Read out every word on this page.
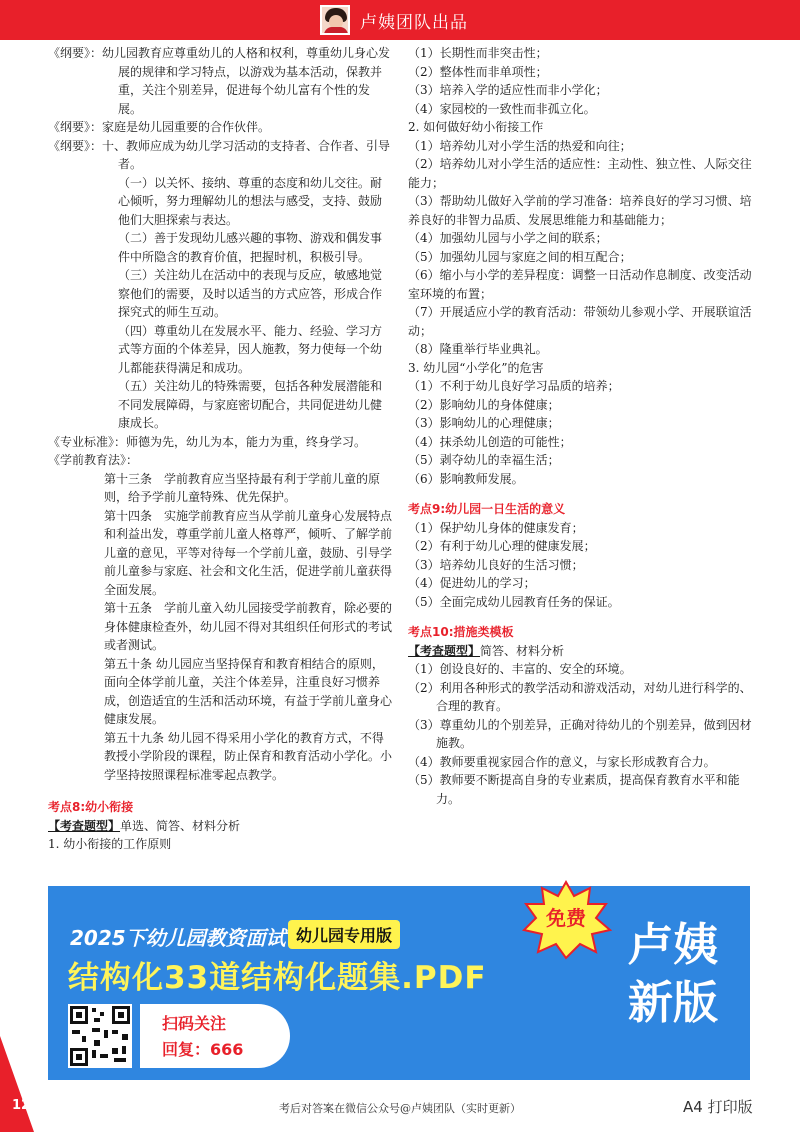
卢姨团队出品

《纲要》：幼儿园教育应尊重幼儿的人格和权利，尊重幼儿身心发展的规律和学习特点，以游戏为基本活动，保教并重，关注个别差异，促进每个幼儿富有个性的发展。

《纲要》：家庭是幼儿园重要的合作伙伴。

《纲要》：十、教师应成为幼儿学习活动的支持者、合作者、引导者。

（一）以关怀、接纳、尊重的态度和幼儿交往。耐心倾听，努力理解幼儿的想法与感受，支持、鼓励他们大胆探索与表达。

（二）善于发现幼儿感兴趣的事物、游戏和偶发事件中所隐含的教育价值，把握时机，积极引导。

（三）关注幼儿在活动中的表现与反应，敏感地觉察他们的需要，及时以适当的方式应答，形成合作探究式的师生互动。

（四）尊重幼儿在发展水平、能力、经验、学习方式等方面的个体差异，因人施教，努力使每一个幼儿都能获得满足和成功。

（五）关注幼儿的特殊需要，包括各种发展潜能和不同发展障碍，与家庭密切配合，共同促进幼儿健康成长。

《专业标准》：师德为先，幼儿为本，能力为重，终身学习。

《学前教育法》：

第十三条　学前教育应当坚持最有利于学前儿童的原则，给予学前儿童特殊、优先保护。

第十四条　实施学前教育应当从学前儿童身心发展特点和利益出发，尊重学前儿童人格尊严，倾听、了解学前儿童的意见，平等对待每一个学前儿童，鼓励、引导学前儿童参与家庭、社会和文化生活，促进学前儿童获得全面发展。

第十五条　学前儿童入幼儿园接受学前教育，除必要的身体健康检查外，幼儿园不得对其组织任何形式的考试或者测试。

第五十条 幼儿园应当坚持保育和教育相结合的原则，面向全体学前儿童，关注个体差异，注重良好习惯养成，创造适宜的生活和活动环境，有益于学前儿童身心健康发展。

第五十九条 幼儿园不得采用小学化的教育方式，不得教授小学阶段的课程，防止保育和教育活动小学化。小学坚持按照课程标准零起点教学。

考点8:幼小衔接

【考查题型】单选、简答、材料分析

1. 幼小衔接的工作原则

（1）长期性而非突击性；

（2）整体性而非单项性；

（3）培养入学的适应性而非小学化；

（4）家园校的一致性而非孤立化。

2. 如何做好幼小衔接工作

（1）培养幼儿对小学生活的热爱和向往；

（2）培养幼儿对小学生活的适应性：主动性、独立性、人际交往能力；

（3）帮助幼儿做好入学前的学习准备：培养良好的学习习惯、培养良好的非智力品质、发展思维能力和基础能力；

（4）加强幼儿园与小学之间的联系；

（5）加强幼儿园与家庭之间的相互配合；

（6）缩小与小学的差异程度：调整一日活动作息制度、改变活动室环境的布置；

（7）开展适应小学的教育活动：带领幼儿参观小学、开展联谊活动；

（8）隆重举行毕业典礼。

3. 幼儿园“小学化”的危害

（1）不利于幼儿良好学习品质的培养；

（2）影响幼儿的身体健康；

（3）影响幼儿的心理健康；

（4）抹杀幼儿创造的可能性；

（5）剥夺幼儿的幸福生活；

（6）影响教师发展。

考点9:幼儿园一日生活的意义

（1）保护幼儿身体的健康发育；

（2）有利于幼儿心理的健康发展；

（3）培养幼儿良好的生活习惯；

（4）促进幼儿的学习；

（5）全面完成幼儿园教育任务的保证。

考点10:措施类模板

【考查题型】简答、材料分析

（1）创设良好的、丰富的、安全的环境。

（2）利用各种形式的教学活动和游戏活动，对幼儿进行科学的、合理的教育。

（3）尊重幼儿的个别差异，正确对待幼儿的个别差异，做到因材施教。

（4）教师要重视家园合作的意义，与家长形成教育合力。

（5）教师要不断提高自身的专业素质，提高保育教育水平和能力。

2025下幼儿园教资面试 幼儿园专用版
结构化33道结构化题集.PDF
免费 卢姨
新版
扫码关注
回复：666
12	考后对答案在微信公众号@卢姨团队（实时更新）	A4 打印版
